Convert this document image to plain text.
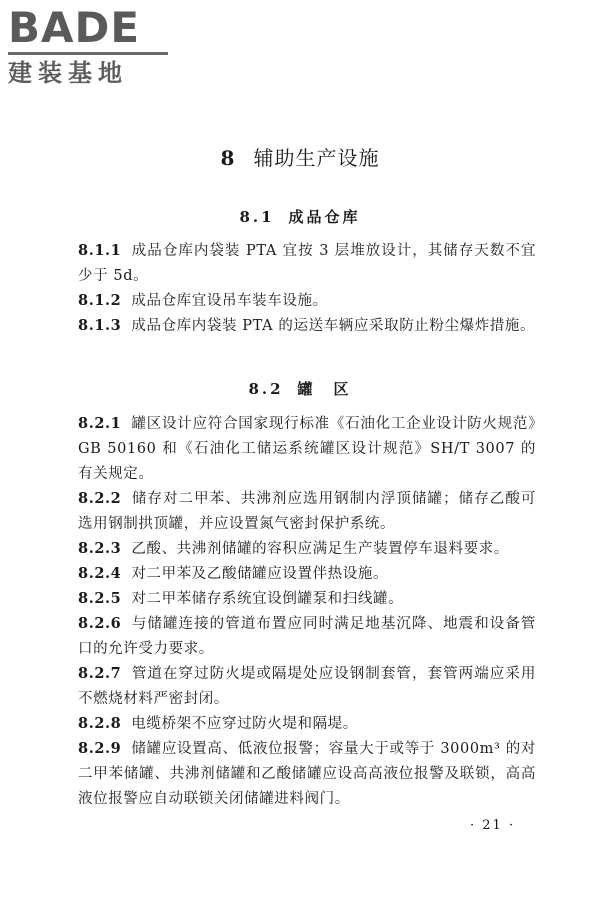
BADE
建装基地
8 辅助生产设施
8.1 成品仓库
8.1.1 成品仓库内袋装 PTA 宜按 3 层堆放设计，其储存天数不宜少于 5d。
8.1.2 成品仓库宜设吊车装车设施。
8.1.3 成品仓库内袋装 PTA 的运送车辆应采取防止粉尘爆炸措施。
8.2 罐　区
8.2.1 罐区设计应符合国家现行标准《石油化工企业设计防火规范》GB 50160 和《石油化工储运系统罐区设计规范》SH/T 3007 的有关规定。
8.2.2 储存对二甲苯、共沸剂应选用钢制内浮顶储罐；储存乙酸可选用钢制拱顶罐，并应设置氮气密封保护系统。
8.2.3 乙酸、共沸剂储罐的容积应满足生产装置停车退料要求。
8.2.4 对二甲苯及乙酸储罐应设置伴热设施。
8.2.5 对二甲苯储存系统宜设倒罐泵和扫线罐。
8.2.6 与储罐连接的管道布置应同时满足地基沉降、地震和设备管口的允许受力要求。
8.2.7 管道在穿过防火堤或隔堤处应设钢制套管，套管两端应采用不燃烧材料严密封闭。
8.2.8 电缆桥架不应穿过防火堤和隔堤。
8.2.9 储罐应设置高、低液位报警；容量大于或等于 3000m³ 的对二甲苯储罐、共沸剂储罐和乙酸储罐应设高高液位报警及联锁，高高液位报警应自动联锁关闭储罐进料阀门。
· 21 ·
